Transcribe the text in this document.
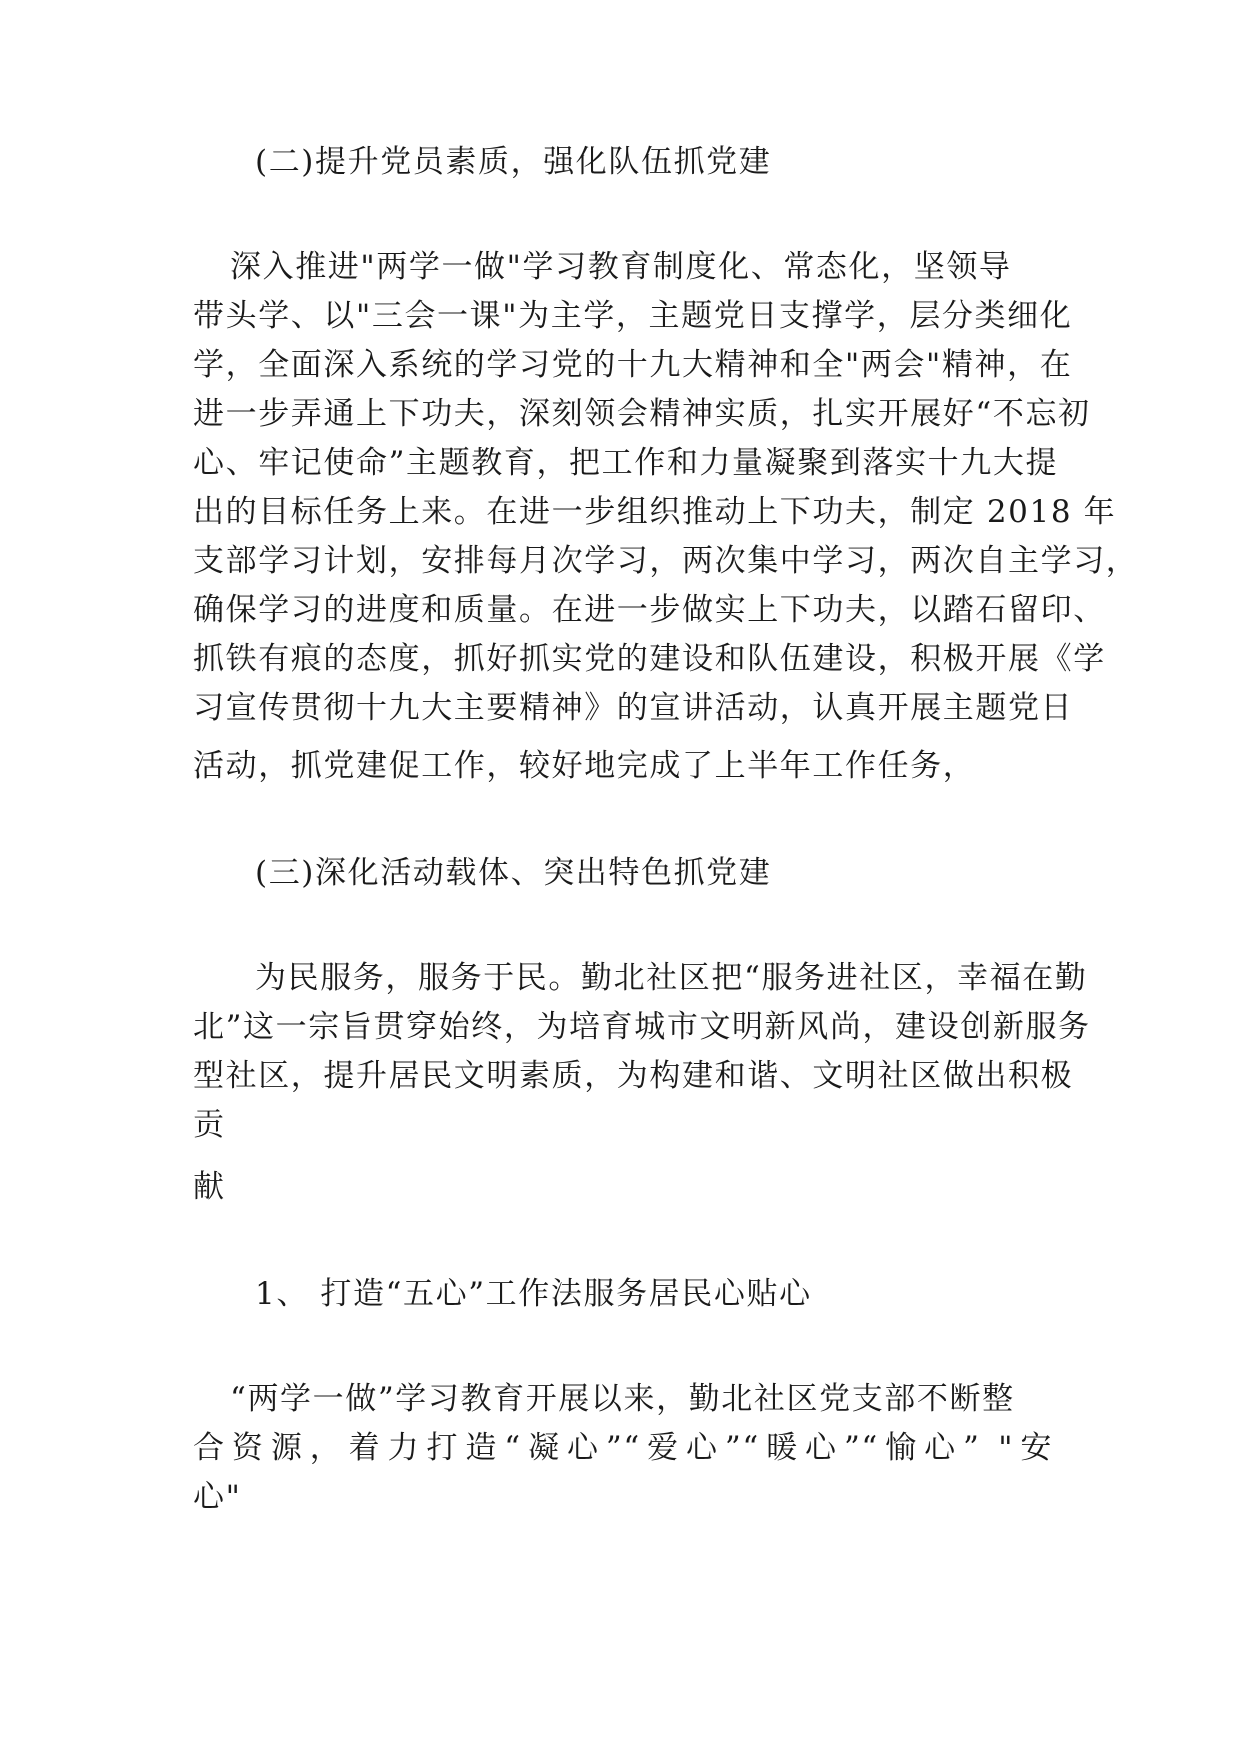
(二)提升党员素质，强化队伍抓党建
深入推进"两学一做"学习教育制度化、常态化，坚领导
带头学、以"三会一课"为主学，主题党日支撑学，层分类细化
学，全面深入系统的学习党的十九大精神和全"两会"精神，在
进一步弄通上下功夫，深刻领会精神实质，扎实开展好“不忘初
心、牢记使命”主题教育，把工作和力量凝聚到落实十九大提
出的目标任务上来。在进一步组织推动上下功夫，制定 2018 年
支部学习计划，安排每月次学习，两次集中学习，两次自主学习，
确保学习的进度和质量。在进一步做实上下功夫，以踏石留印、
抓铁有痕的态度，抓好抓实党的建设和队伍建设，积极开展《学
习宣传贯彻十九大主要精神》的宣讲活动，认真开展主题党日
活动，抓党建促工作，较好地完成了上半年工作任务，
(三)深化活动载体、突出特色抓党建
为民服务，服务于民。勤北社区把“服务进社区，幸福在勤
北”这一宗旨贯穿始终，为培育城市文明新风尚，建设创新服务
型社区，提升居民文明素质，为构建和谐、文明社区做出积极
贡
献
1、 打造“五心”工作法服务居民心贴心
“两学一做”学习教育开展以来，勤北社区党支部不断整
合资源，着力打造“凝心”“爱心”“暖心”“愉心” "安
心"
